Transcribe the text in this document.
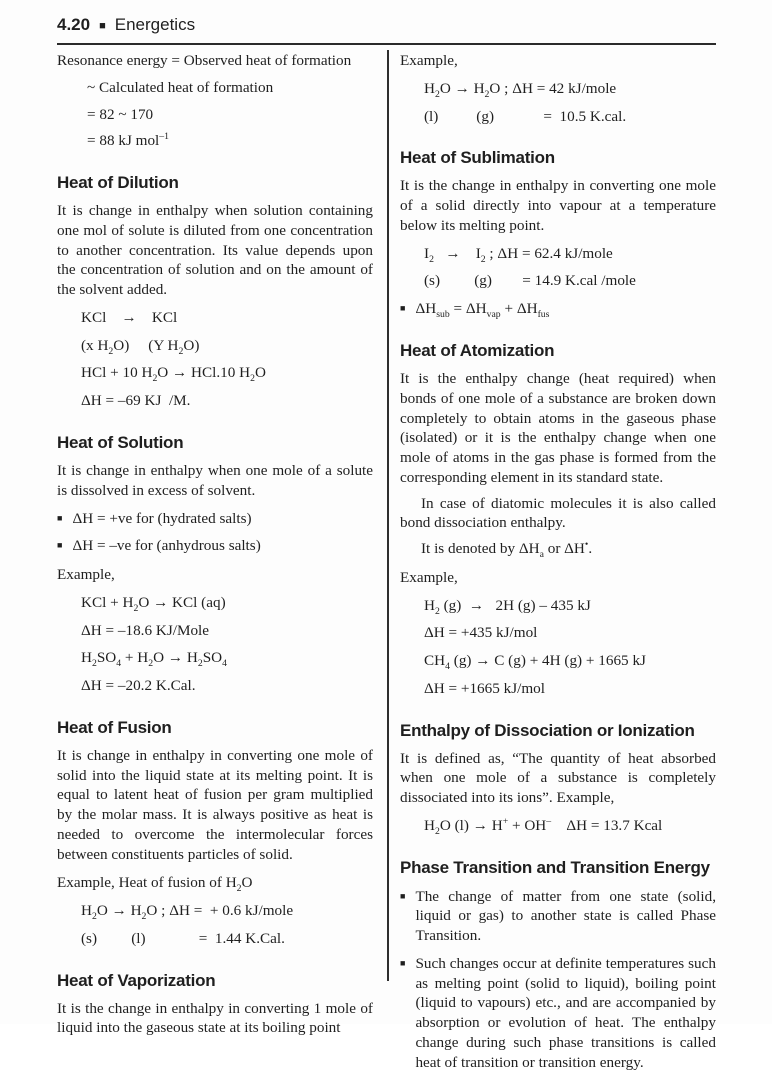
4.20 ■ Energetics
Resonance energy = Observed heat of formation
~ Calculated heat of formation
= 82 ~ 170
= 88 kJ mol$^{-1}$
Heat of Dilution
It is change in enthalpy when solution containing one mol of solute is diluted from one concentration to another concentration. Its value depends upon the concentration of solution and on the amount of the solvent added.
KCl    →    KCl
(x $H_2O$)     (Y $H_2O$)
HCl + 10 $H_2O \to HCl.10$ $H_2O$
ΔH = –69 KJ  /M.
Heat of Solution
It is change in enthalpy when one mole of a solute is dissolved in excess of solvent.
■ ΔH = +ve for (hydrated salts)
■ ΔH = –ve for (anhydrous salts)
Example,
KCl + $H_2O$ → KCl (aq)
ΔH = –18.6 KJ/Mole
$H_2SO_4 + H_2O \to H_2SO_4$
ΔH = –20.2 K.Cal.
Heat of Fusion
It is change in enthalpy in converting one mole of solid into the liquid state at its melting point. It is equal to latent heat of fusion per gram multiplied by the molar mass. It is always positive as heat is needed to overcome the intermolecular forces between constituents particles of solid.
Example, Heat of fusion of $H_2O$
$H_2O \to H_2O$ ; ΔH =  + 0.6 kJ/mole
(s)         (l)              =  1.44 K.Cal.
Heat of Vaporization
It is the change in enthalpy in converting 1 mole of liquid into the gaseous state at its boiling point
Example,
$H_2O \to H_2O$ ; ΔH = 42 kJ/mole
(l)          (g)             =  10.5 K.cal.
Heat of Sublimation
It is the change in enthalpy in converting one mole of a solid directly into vapour at a temperature below its melting point.
$I_2$   →    $I_2$ ; ΔH = 62.4 kJ/mole
(s)         (g)        = 14.9 K.cal /mole
■ $\Delta H_{sub} = \Delta H_{vap} + \Delta H_{fus}$
Heat of Atomization
It is the enthalpy change (heat required) when bonds of one mole of a substance are broken down completely to obtain atoms in the gaseous phase (isolated) or it is the enthalpy change when one mole of atoms in the gas phase is formed from the corresponding element in its standard state.
In case of diatomic molecules it is also called bond dissociation enthalpy.
It is denoted by $\Delta H_a$ or ΔH•.
Example,
$H_2$ (g)  →   2H (g) – 435 kJ
ΔH = +435 kJ/mol
$CH_4$ (g) → C (g) + 4H (g) + 1665 kJ
ΔH = +1665 kJ/mol
Enthalpy of Dissociation or Ionization
It is defined as, “The quantity of heat absorbed when one mole of a substance is completely dissociated into its ions”. Example,
$H_2O$ (l) → H+ + OH–    ΔH = 13.7 Kcal
Phase Transition and Transition Energy
■ The change of matter from one state (solid, liquid or gas) to another state is called Phase Transition.
■ Such changes occur at definite temperatures such as melting point (solid to liquid), boiling point (liquid to vapours) etc., and are accompanied by absorption or evolution of heat. The enthalpy change during such phase transitions is called heat of transition or transition energy.
